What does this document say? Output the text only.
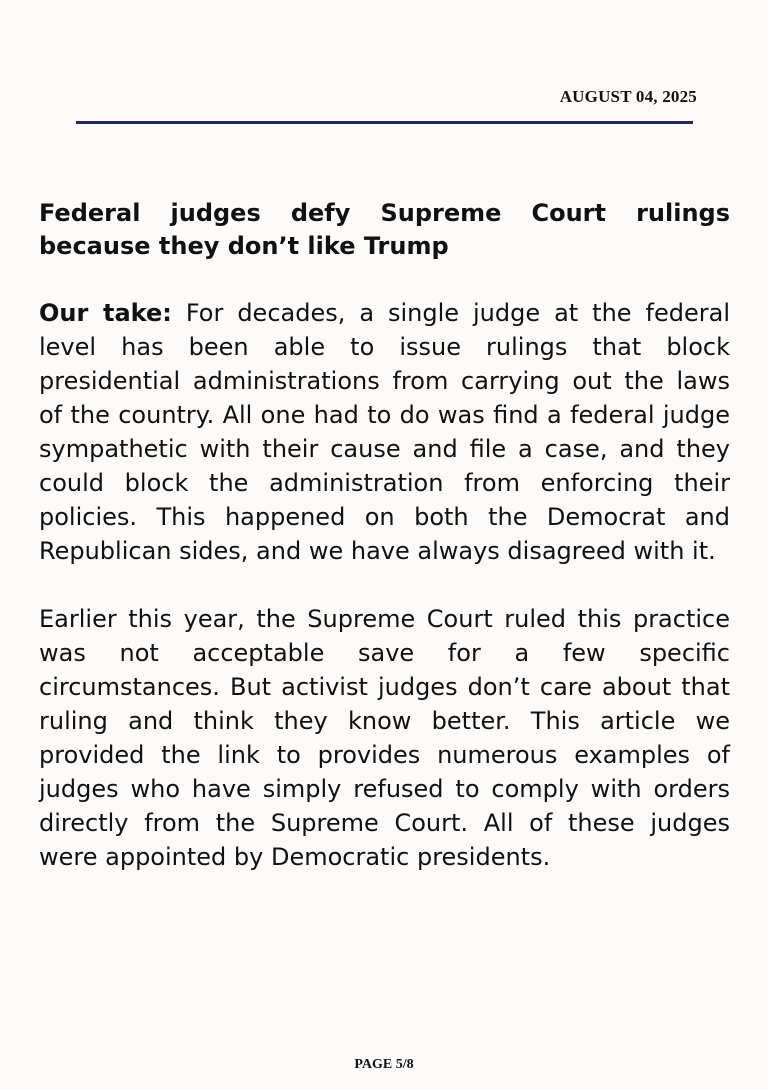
AUGUST 04, 2025
Federal judges defy Supreme Court rulings because they don’t like Trump

Our take: For decades, a single judge at the federal level has been able to issue rulings that block presidential administrations from carrying out the laws of the country. All one had to do was find a federal judge sympathetic with their cause and file a case, and they could block the administration from enforcing their policies. This happened on both the Democrat and Republican sides, and we have always disagreed with it.

Earlier this year, the Supreme Court ruled this practice was not acceptable save for a few specific circumstances. But activist judges don’t care about that ruling and think they know better. This article we provided the link to provides numerous examples of judges who have simply refused to comply with orders directly from the Supreme Court. All of these judges were appointed by Democratic presidents.

PAGE 5/8
